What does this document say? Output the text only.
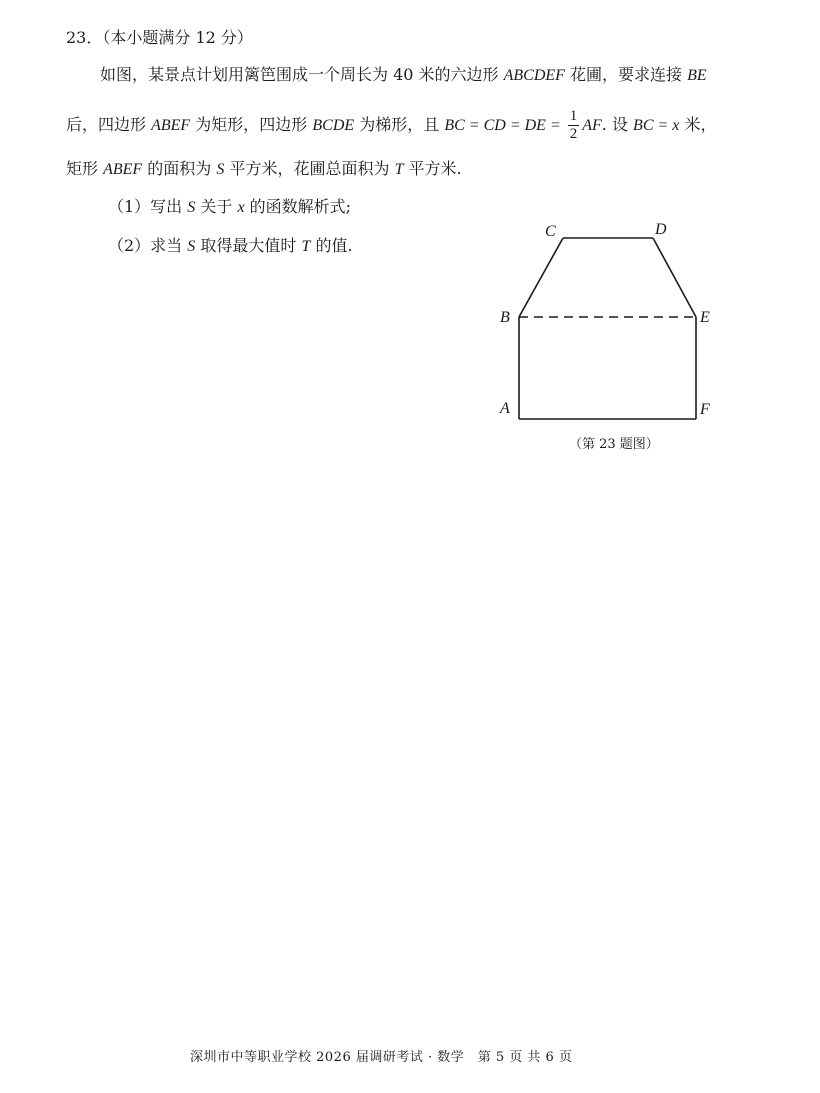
23．（本小题满分 12 分）
如图，某景点计划用篱笆围成一个周长为 40 米的六边形 ABCDEF 花圃，要求连接 BE
后，四边形 ABEF 为矩形，四边形 BCDE 为梯形，且 BC = CD = DE = $\frac{1}{2}$ AF. 设 BC = x 米，
矩形 ABEF 的面积为 S 平方米，花圃总面积为 T 平方米.
（1）写出 S 关于 x 的函数解析式;
（2）求当 S 取得最大值时 T 的值.
C	D
B	E
A	F
（第 23 题图）
深圳市中等职业学校 2026 届调研考试 · 数学　第 5 页 共 6 页
